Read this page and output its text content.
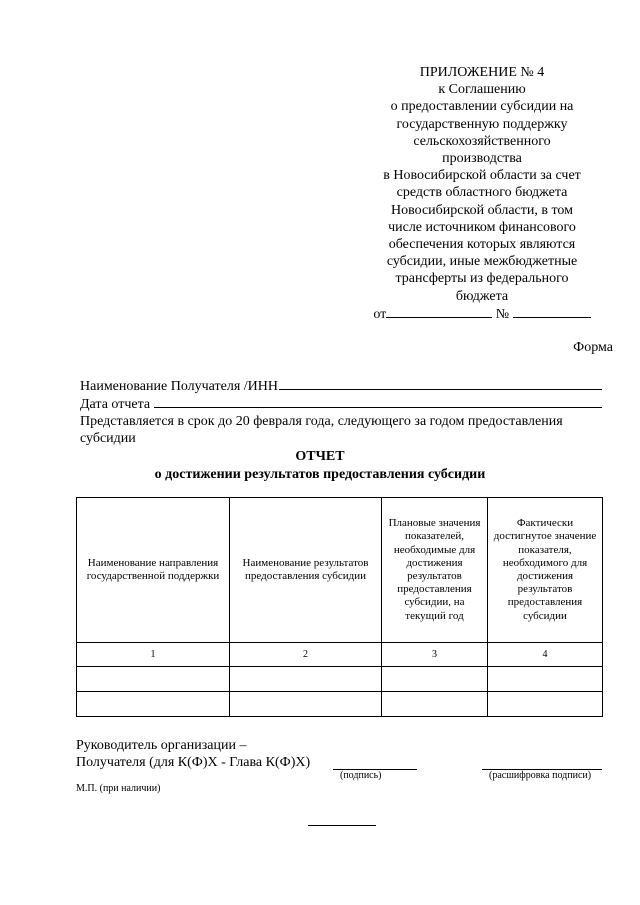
ПРИЛОЖЕНИЕ № 4
к Соглашению
о предоставлении субсидии на
государственную поддержку
сельскохозяйственного
производства
в Новосибирской области за счет
средств областного бюджета
Новосибирской области, в том
числе источником финансового
обеспечения которых являются
субсидии, иные межбюджетные
трансферты из федерального
бюджета
от	№
Форма
Наименование Получателя /ИНН
Дата отчета
Представляется в срок до 20 февраля года, следующего за годом предоставления субсидии
ОТЧЕТ
о достижении результатов предоставления субсидии
Наименование направления государственной поддержки	Наименование результатов предоставления субсидии	Плановые значения показателей, необходимые для достижения результатов предоставления субсидии, на текущий год	Фактически достигнутое значение показателя, необходимого для достижения результатов предоставления субсидии
1	2	3	4

Руководитель организации –
Получателя (для К(Ф)Х - Глава К(Ф)Х)
(подпись)	(расшифровка подписи)
М.П. (при наличии)
